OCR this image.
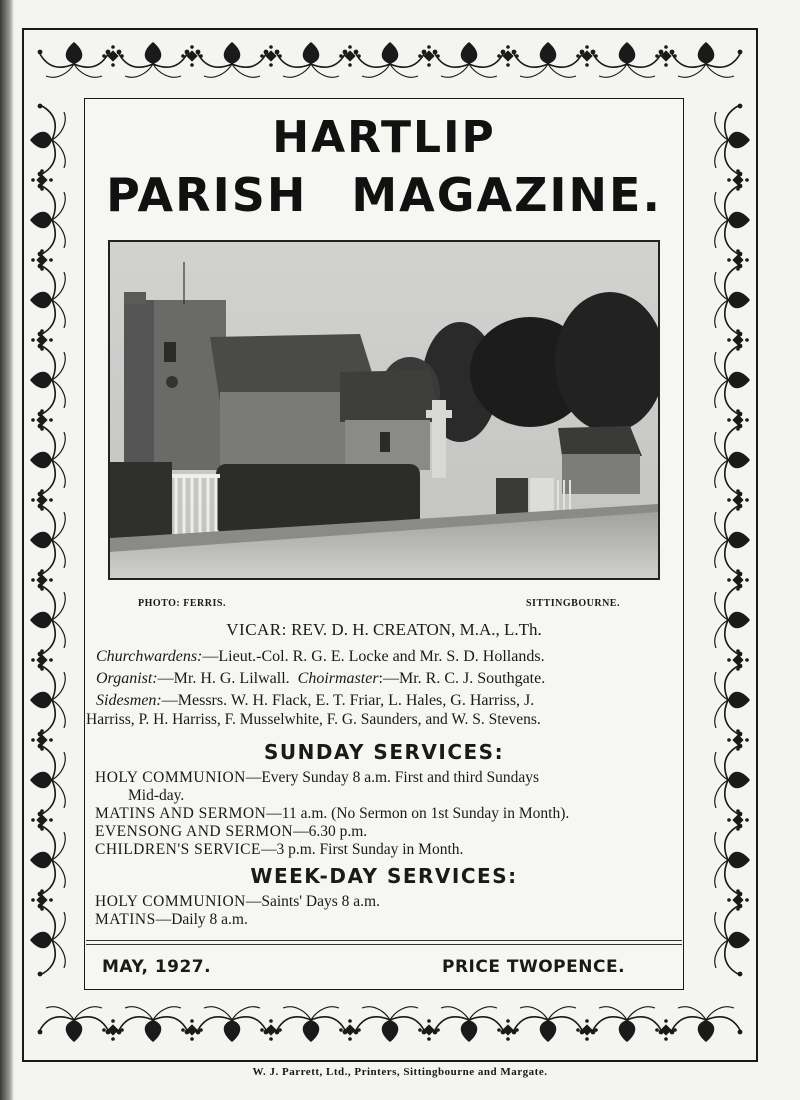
HARTLIP
PARISH MAGAZINE.
PHOTO: FERRIS.	SITTINGBOURNE.
VICAR: REV. D. H. CREATON, M.A., L.Th.
Churchwardens:—Lieut.-Col. R. G. E. Locke and Mr. S. D. Hollands.
Organist:—Mr. H. G. Lilwall. Choirmaster:—Mr. R. C. J. Southgate.
Sidesmen:—Messrs. W. H. Flack, E. T. Friar, L. Hales, G. Harriss, J.
Harriss, P. H. Harriss, F. Musselwhite, F. G. Saunders, and W. S. Stevens.
SUNDAY SERVICES:
HOLY COMMUNION—Every Sunday 8 a.m. First and third Sundays
Mid-day.
MATINS AND SERMON—11 a.m. (No Sermon on 1st Sunday in Month).
EVENSONG AND SERMON—6.30 p.m.
CHILDREN'S SERVICE—3 p.m. First Sunday in Month.
WEEK-DAY SERVICES:
HOLY COMMUNION—Saints' Days 8 a.m.
MATINS—Daily 8 a.m.
MAY, 1927.	PRICE TWOPENCE.
W. J. Parrett, Ltd., Printers, Sittingbourne and Margate.
